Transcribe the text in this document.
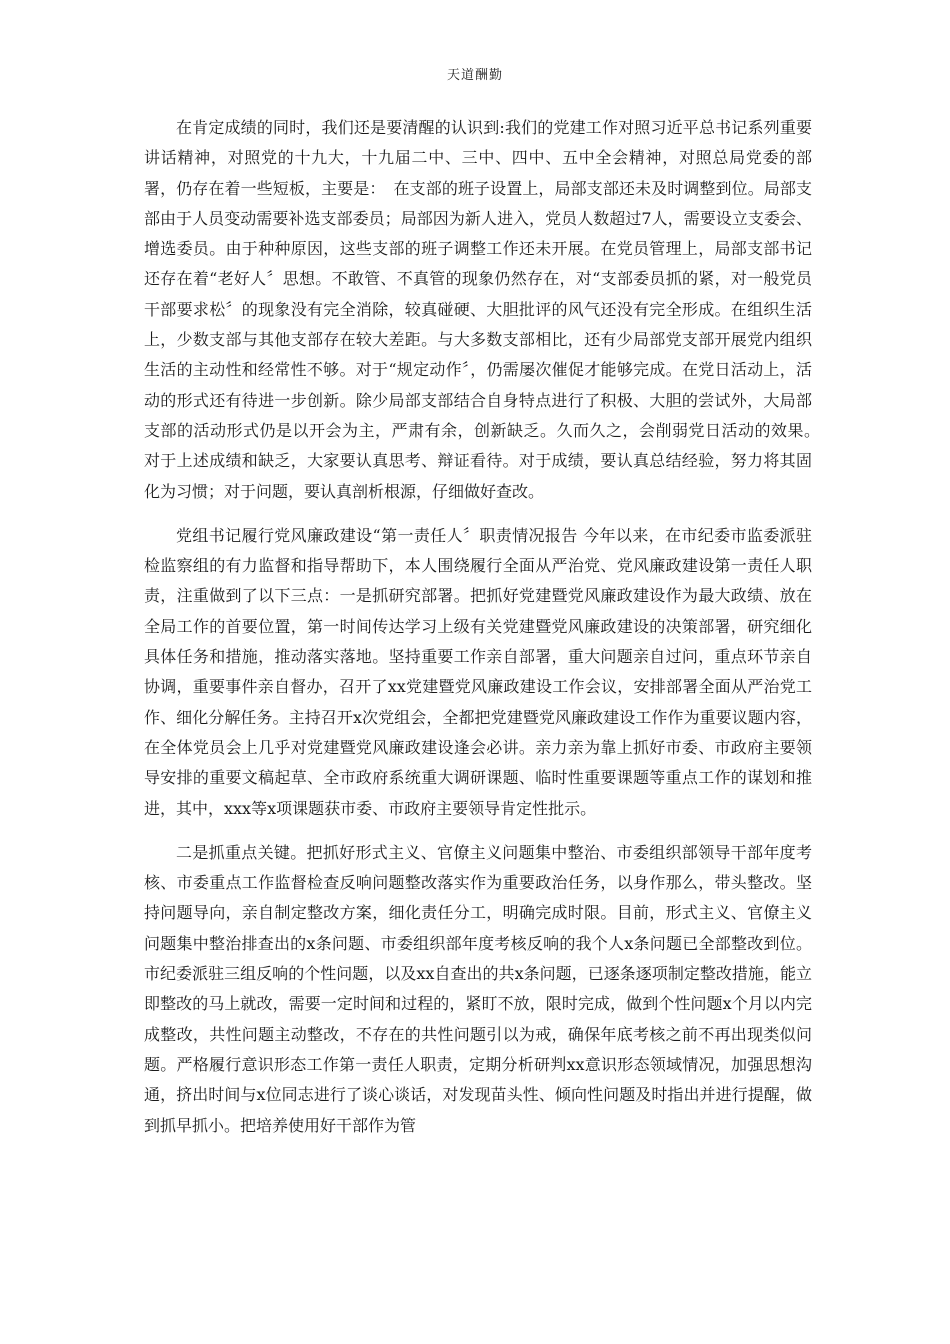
天道酬勤

在肯定成绩的同时，我们还是要清醒的认识到:我们的党建工作对照习近平总书记系列重要讲话精神，对照党的十九大，十九届二中、三中、四中、五中全会精神，对照总局党委的部署，仍存在着一些短板，主要是：　在支部的班子设置上，局部支部还未及时调整到位。局部支部由于人员变动需要补选支部委员；局部因为新人进入，党员人数超过7人，需要设立支委会、增选委员。由于种种原因，这些支部的班子调整工作还未开展。在党员管理上，局部支部书记还存在着“老好人〞思想。不敢管、不真管的现象仍然存在，对“支部委员抓的紧，对一般党员干部要求松〞的现象没有完全消除，较真碰硬、大胆批评的风气还没有完全形成。在组织生活上，少数支部与其他支部存在较大差距。与大多数支部相比，还有少局部党支部开展党内组织生活的主动性和经常性不够。对于“规定动作〞，仍需屡次催促才能够完成。在党日活动上，活动的形式还有待进一步创新。除少局部支部结合自身特点进行了积极、大胆的尝试外，大局部支部的活动形式仍是以开会为主，严肃有余，创新缺乏。久而久之，会削弱党日活动的效果。　对于上述成绩和缺乏，大家要认真思考、辩证看待。对于成绩，要认真总结经验，努力将其固化为习惯；对于问题，要认真剖析根源，仔细做好查改。

党组书记履行党风廉政建设“第一责任人〞职责情况报告 今年以来，在市纪委市监委派驻检监察组的有力监督和指导帮助下，本人围绕履行全面从严治党、党风廉政建设第一责任人职责，注重做到了以下三点：一是抓研究部署。把抓好党建暨党风廉政建设作为最大政绩、放在全局工作的首要位置，第一时间传达学习上级有关党建暨党风廉政建设的决策部署，研究细化具体任务和措施，推动落实落地。坚持重要工作亲自部署，重大问题亲自过问，重点环节亲自协调，重要事件亲自督办，召开了xx党建暨党风廉政建设工作会议，安排部署全面从严治党工作、细化分解任务。主持召开x次党组会，全都把党建暨党风廉政建设工作作为重要议题内容，在全体党员会上几乎对党建暨党风廉政建设逢会必讲。亲力亲为靠上抓好市委、市政府主要领导安排的重要文稿起草、全市政府系统重大调研课题、临时性重要课题等重点工作的谋划和推进，其中，xxx等x项课题获市委、市政府主要领导肯定性批示。

二是抓重点关键。把抓好形式主义、官僚主义问题集中整治、市委组织部领导干部年度考核、市委重点工作监督检查反响问题整改落实作为重要政治任务，以身作那么，带头整改。坚持问题导向，亲自制定整改方案，细化责任分工，明确完成时限。目前，形式主义、官僚主义问题集中整治排查出的x条问题、市委组织部年度考核反响的我个人x条问题已全部整改到位。市纪委派驻三组反响的个性问题，以及xx自查出的共x条问题，已逐条逐项制定整改措施，能立即整改的马上就改，需要一定时间和过程的，紧盯不放，限时完成，做到个性问题x个月以内完成整改，共性问题主动整改，不存在的共性问题引以为戒，确保年底考核之前不再出现类似问题。严格履行意识形态工作第一责任人职责，定期分析研判xx意识形态领域情况，加强思想沟通，挤出时间与x位同志进行了谈心谈话，对发现苗头性、倾向性问题及时指出并进行提醒，做到抓早抓小。把培养使用好干部作为管
